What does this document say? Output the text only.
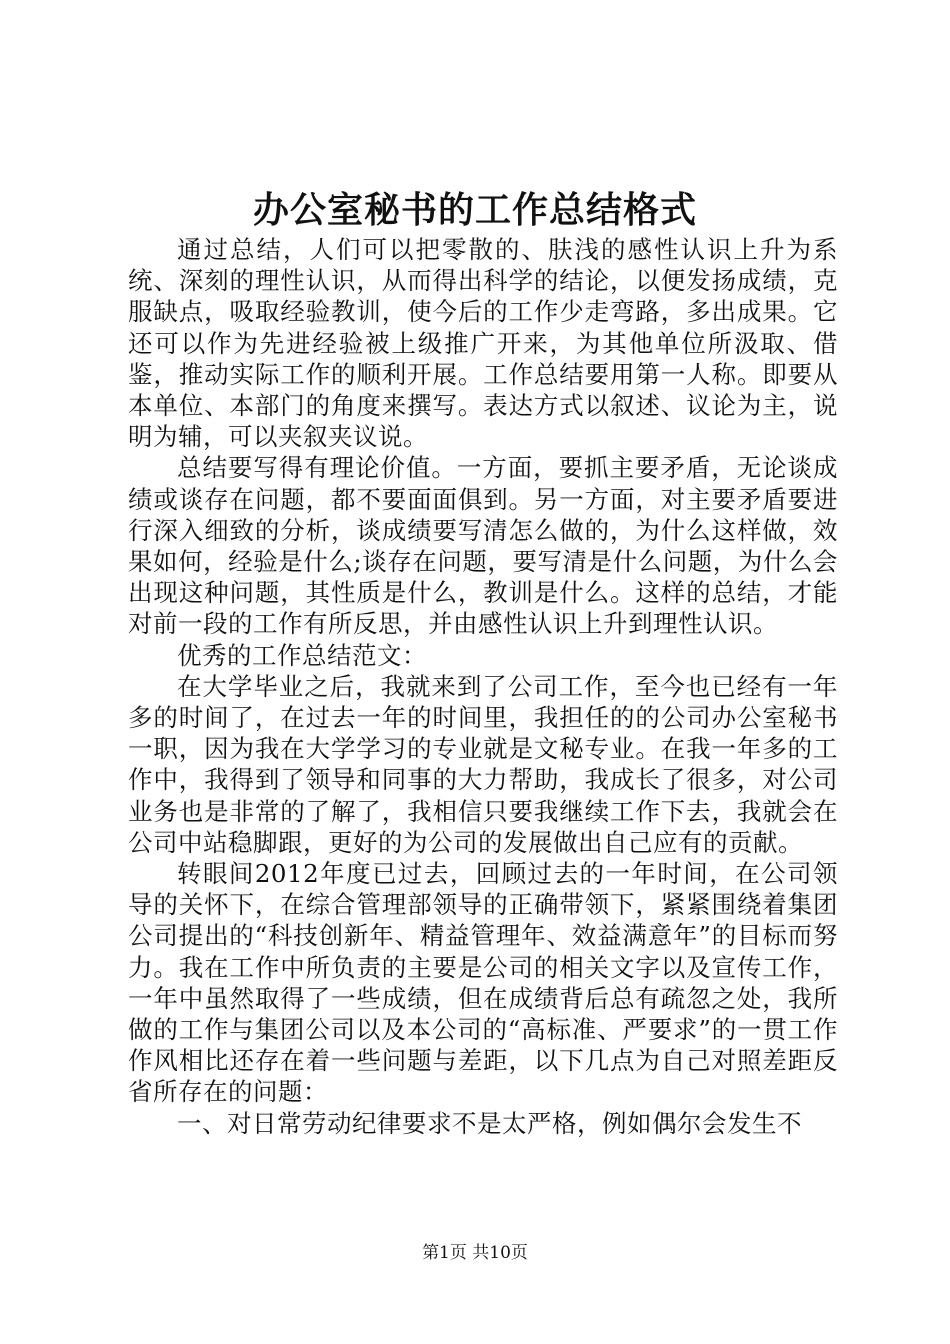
办公室秘书的工作总结格式

通过总结，人们可以把零散的、肤浅的感性认识上升为系统、深刻的理性认识，从而得出科学的结论，以便发扬成绩，克服缺点，吸取经验教训，使今后的工作少走弯路，多出成果。它还可以作为先进经验被上级推广开来，为其他单位所汲取、借鉴，推动实际工作的顺利开展。工作总结要用第一人称。即要从本单位、本部门的角度来撰写。表达方式以叙述、议论为主，说明为辅，可以夹叙夹议说。

总结要写得有理论价值。一方面，要抓主要矛盾，无论谈成绩或谈存在问题，都不要面面俱到。另一方面，对主要矛盾要进行深入细致的分析，谈成绩要写清怎么做的，为什么这样做，效果如何，经验是什么;谈存在问题，要写清是什么问题，为什么会出现这种问题，其性质是什么，教训是什么。这样的总结，才能对前一段的工作有所反思，并由感性认识上升到理性认识。

优秀的工作总结范文：

在大学毕业之后，我就来到了公司工作，至今也已经有一年多的时间了，在过去一年的时间里，我担任的的公司办公室秘书一职，因为我在大学学习的专业就是文秘专业。在我一年多的工作中，我得到了领导和同事的大力帮助，我成长了很多，对公司业务也是非常的了解了，我相信只要我继续工作下去，我就会在公司中站稳脚跟，更好的为公司的发展做出自己应有的贡献。

转眼间2012年度已过去，回顾过去的一年时间，在公司领导的关怀下，在综合管理部领导的正确带领下，紧紧围绕着集团公司提出的“科技创新年、精益管理年、效益满意年”的目标而努力。我在工作中所负责的主要是公司的相关文字以及宣传工作，一年中虽然取得了一些成绩，但在成绩背后总有疏忽之处，我所做的工作与集团公司以及本公司的“高标准、严要求”的一贯工作作风相比还存在着一些问题与差距，以下几点为自己对照差距反省所存在的问题：

一、对日常劳动纪律要求不是太严格，例如偶尔会发生不

第1页 共10页
